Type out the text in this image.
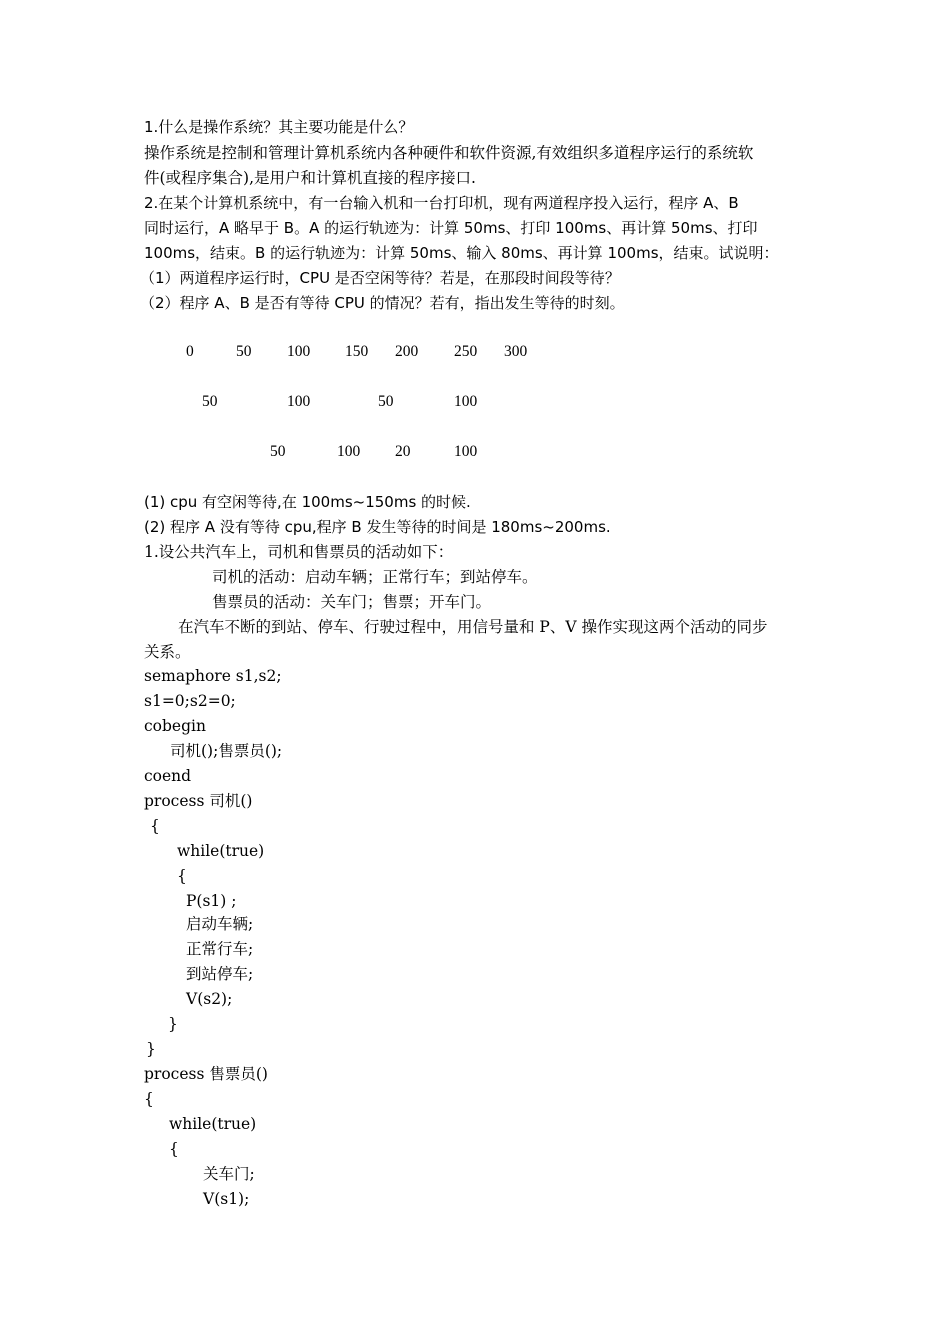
1.什么是操作系统？其主要功能是什么？
操作系统是控制和管理计算机系统内各种硬件和软件资源,有效组织多道程序运行的系统软
件(或程序集合),是用户和计算机直接的程序接口.
2.在某个计算机系统中，有一台输入机和一台打印机，现有两道程序投入运行，程序 A、B
同时运行，A 略早于 B。A 的运行轨迹为：计算 50ms、打印 100ms、再计算 50ms、打印
100ms，结束。B 的运行轨迹为：计算 50ms、输入 80ms、再计算 100ms，结束。试说明：
（1）两道程序运行时，CPU 是否空闲等待？若是，在那段时间段等待？
（2）程序 A、B 是否有等待 CPU 的情况？若有，指出发生等待的时刻。
0	50 100 150 200 250 300
50	100	50	100
50	100 20	100
(1) cpu 有空闲等待,在 100ms~150ms 的时候.
(2) 程序 A 没有等待 cpu,程序 B 发生等待的时间是 180ms~200ms.
1.设公共汽车上，司机和售票员的活动如下：
司机的活动：启动车辆；正常行车；到站停车。
售票员的活动：关车门；售票；开车门。
在汽车不断的到站、停车、行驶过程中，用信号量和 P、V 操作实现这两个活动的同步
关系。
semaphore s1,s2;
s1=0;s2=0;
cobegin
司机();售票员();
coend
process 司机()
{
while(true)
{
P(s1) ;
启动车辆;
正常行车;
到站停车;
V(s2);
}
}
process 售票员()
{
while(true)
{
关车门;
V(s1);
